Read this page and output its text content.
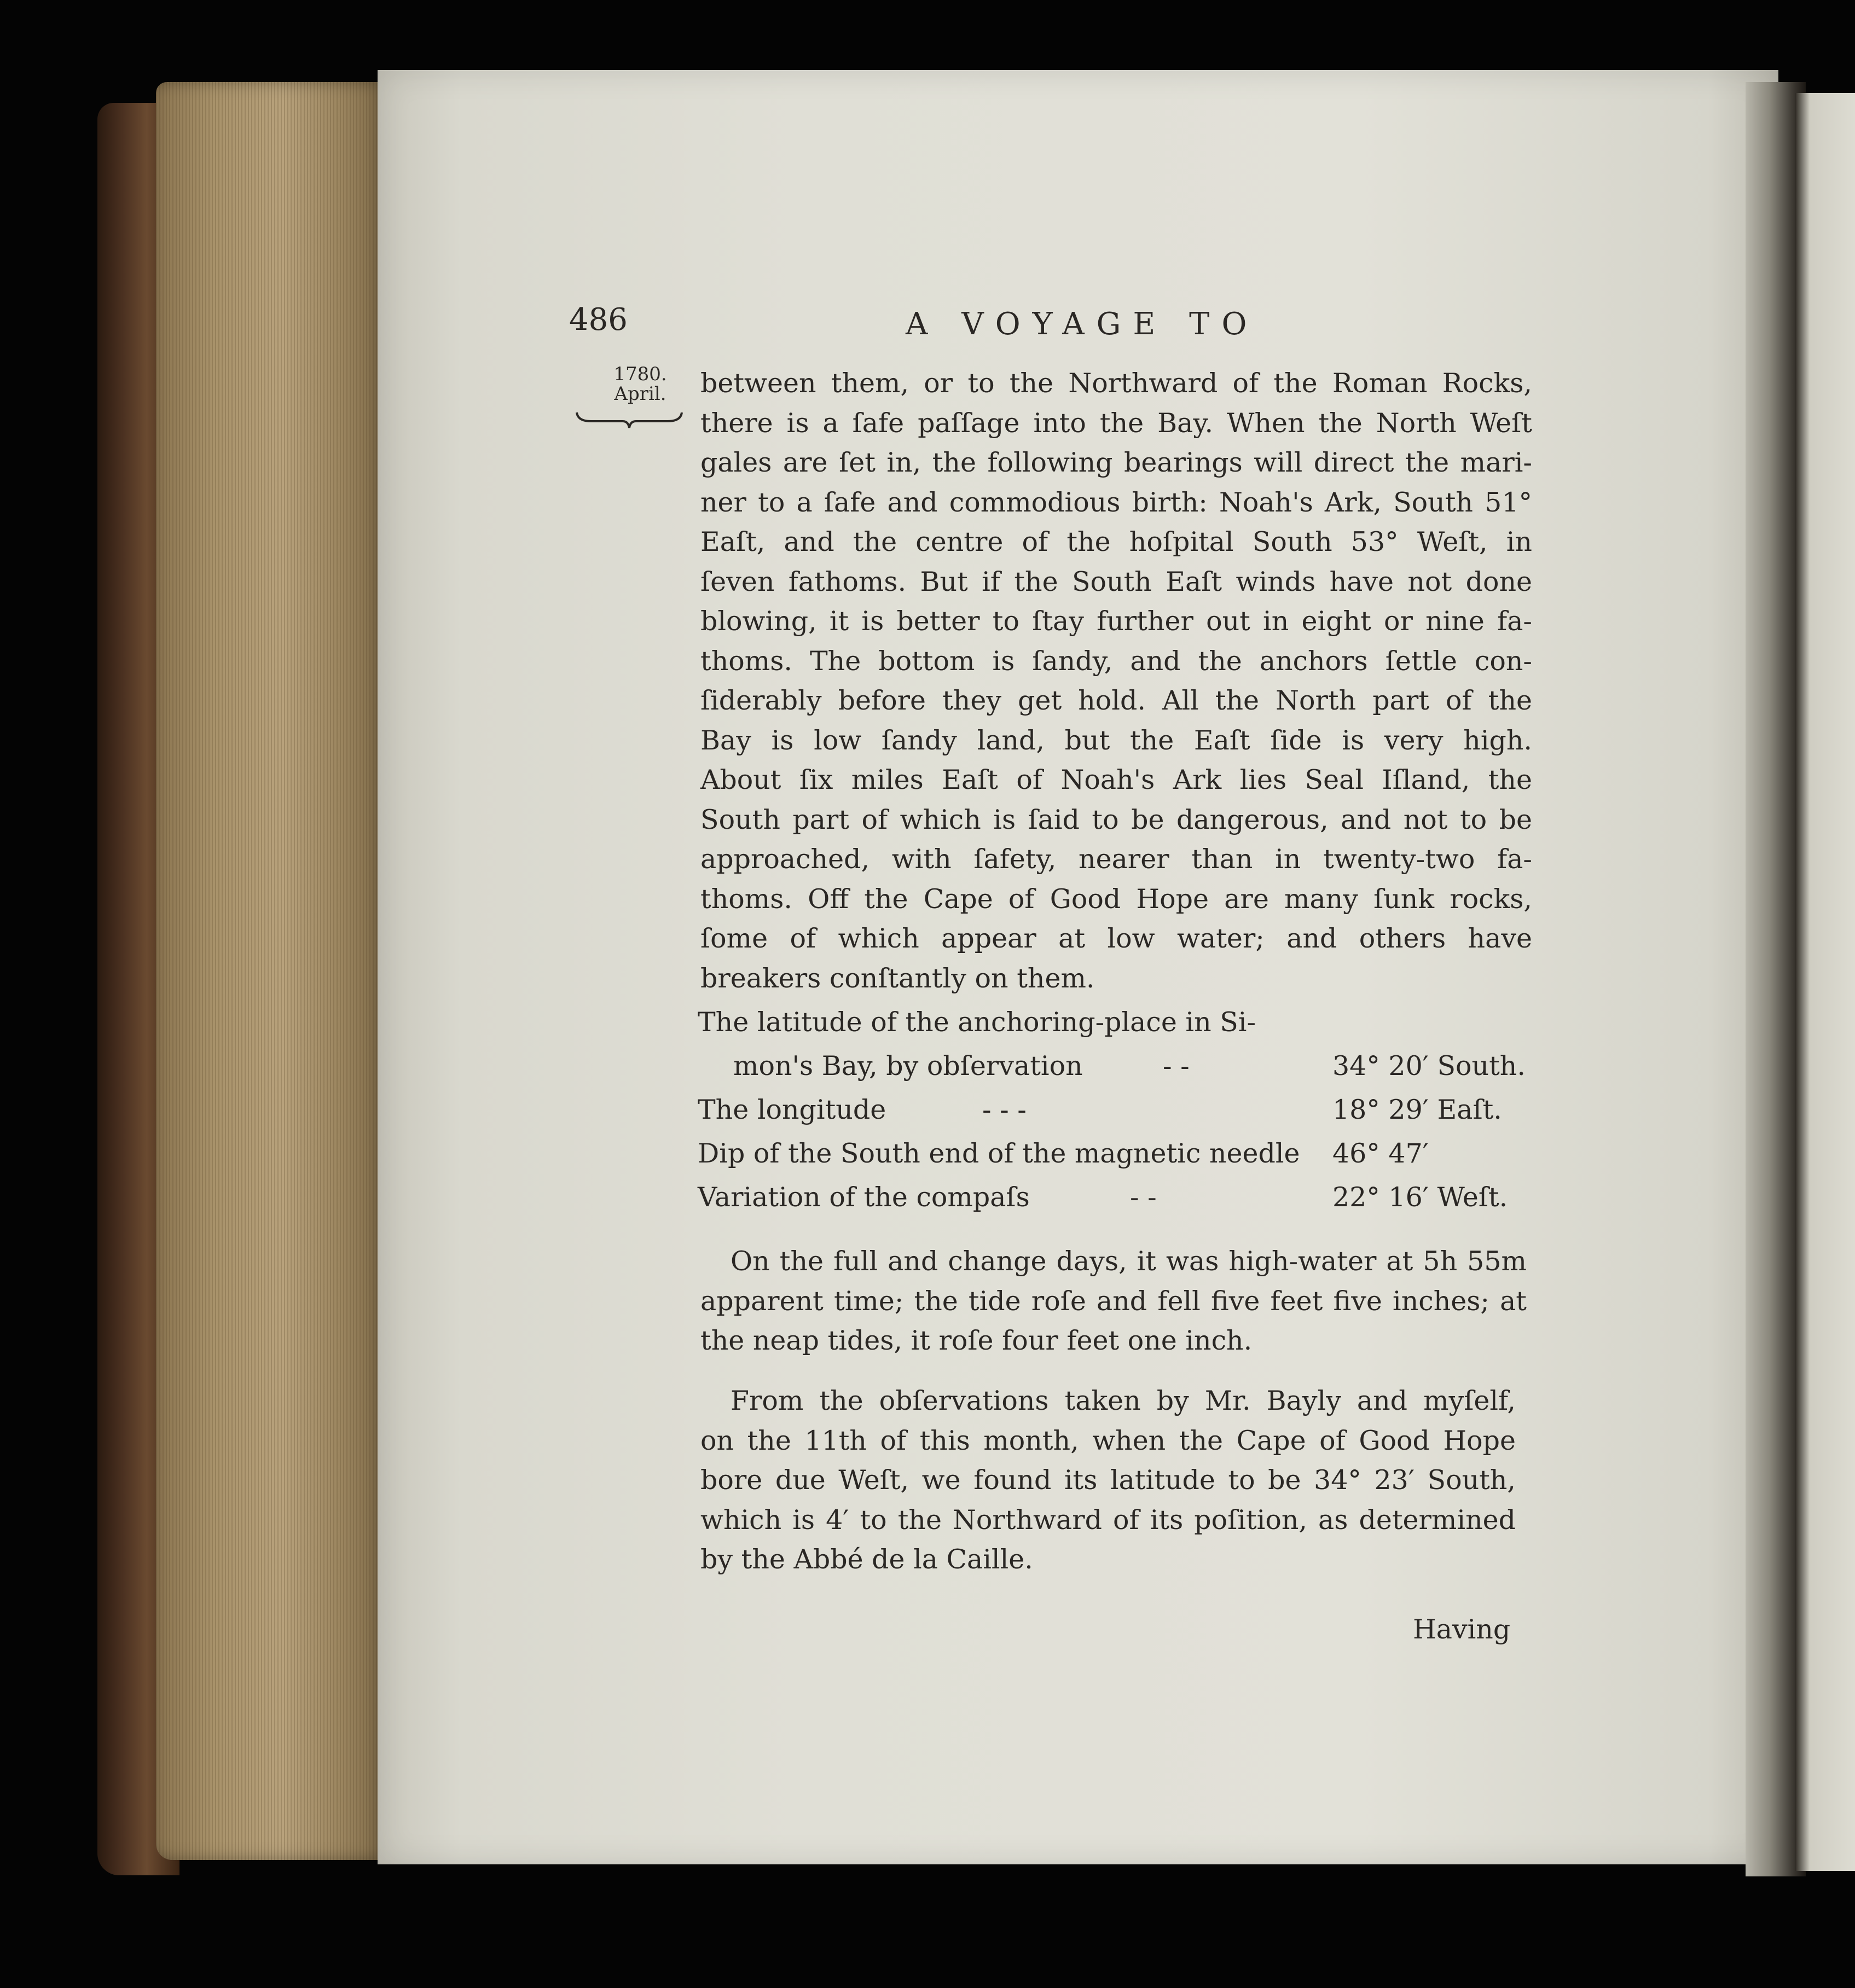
486	A VOYAGE TO
1780.
April.	between them, or to the Northward of the Roman Rocks,
there is a ſafe paſſage into the Bay. When the North Weſt
gales are ſet in, the following bearings will direct the mari-
ner to a ſafe and commodious birth: Noah's Ark, South 51°
Eaſt, and the centre of the hoſpital South 53° Weſt, in
ſeven fathoms. But if the South Eaſt winds have not done
blowing, it is better to ſtay further out in eight or nine fa-
thoms. The bottom is ſandy, and the anchors ſettle con-
ſiderably before they get hold. All the North part of the
Bay is low ſandy land, but the Eaſt ſide is very high.
About ſix miles Eaſt of Noah's Ark lies Seal Iſland, the
South part of which is ſaid to be dangerous, and not to be
approached, with ſafety, nearer than in twenty-two fa-
thoms. Off the Cape of Good Hope are many ſunk rocks,
ſome of which appear at low water; and others have
breakers conſtantly on them.
The latitude of the anchoring-place in Si-
mon's Bay, by obſervation	- -	34° 20′ South.
The longitude	- - -	18° 29′ Eaſt.
Dip of the South end of the magnetic needle 46° 47′
Variation of the compaſs	- -	22° 16′ Weſt.
On the full and change days, it was high-water at 5h 55m
apparent time; the tide roſe and fell five feet five inches; at
the neap tides, it roſe four feet one inch.
From the obſervations taken by Mr. Bayly and myſelf,
on the 11th of this month, when the Cape of Good Hope
bore due Weſt, we found its latitude to be 34° 23′ South,
which is 4′ to the Northward of its poſition, as determined
by the Abbé de la Caille.
Having
